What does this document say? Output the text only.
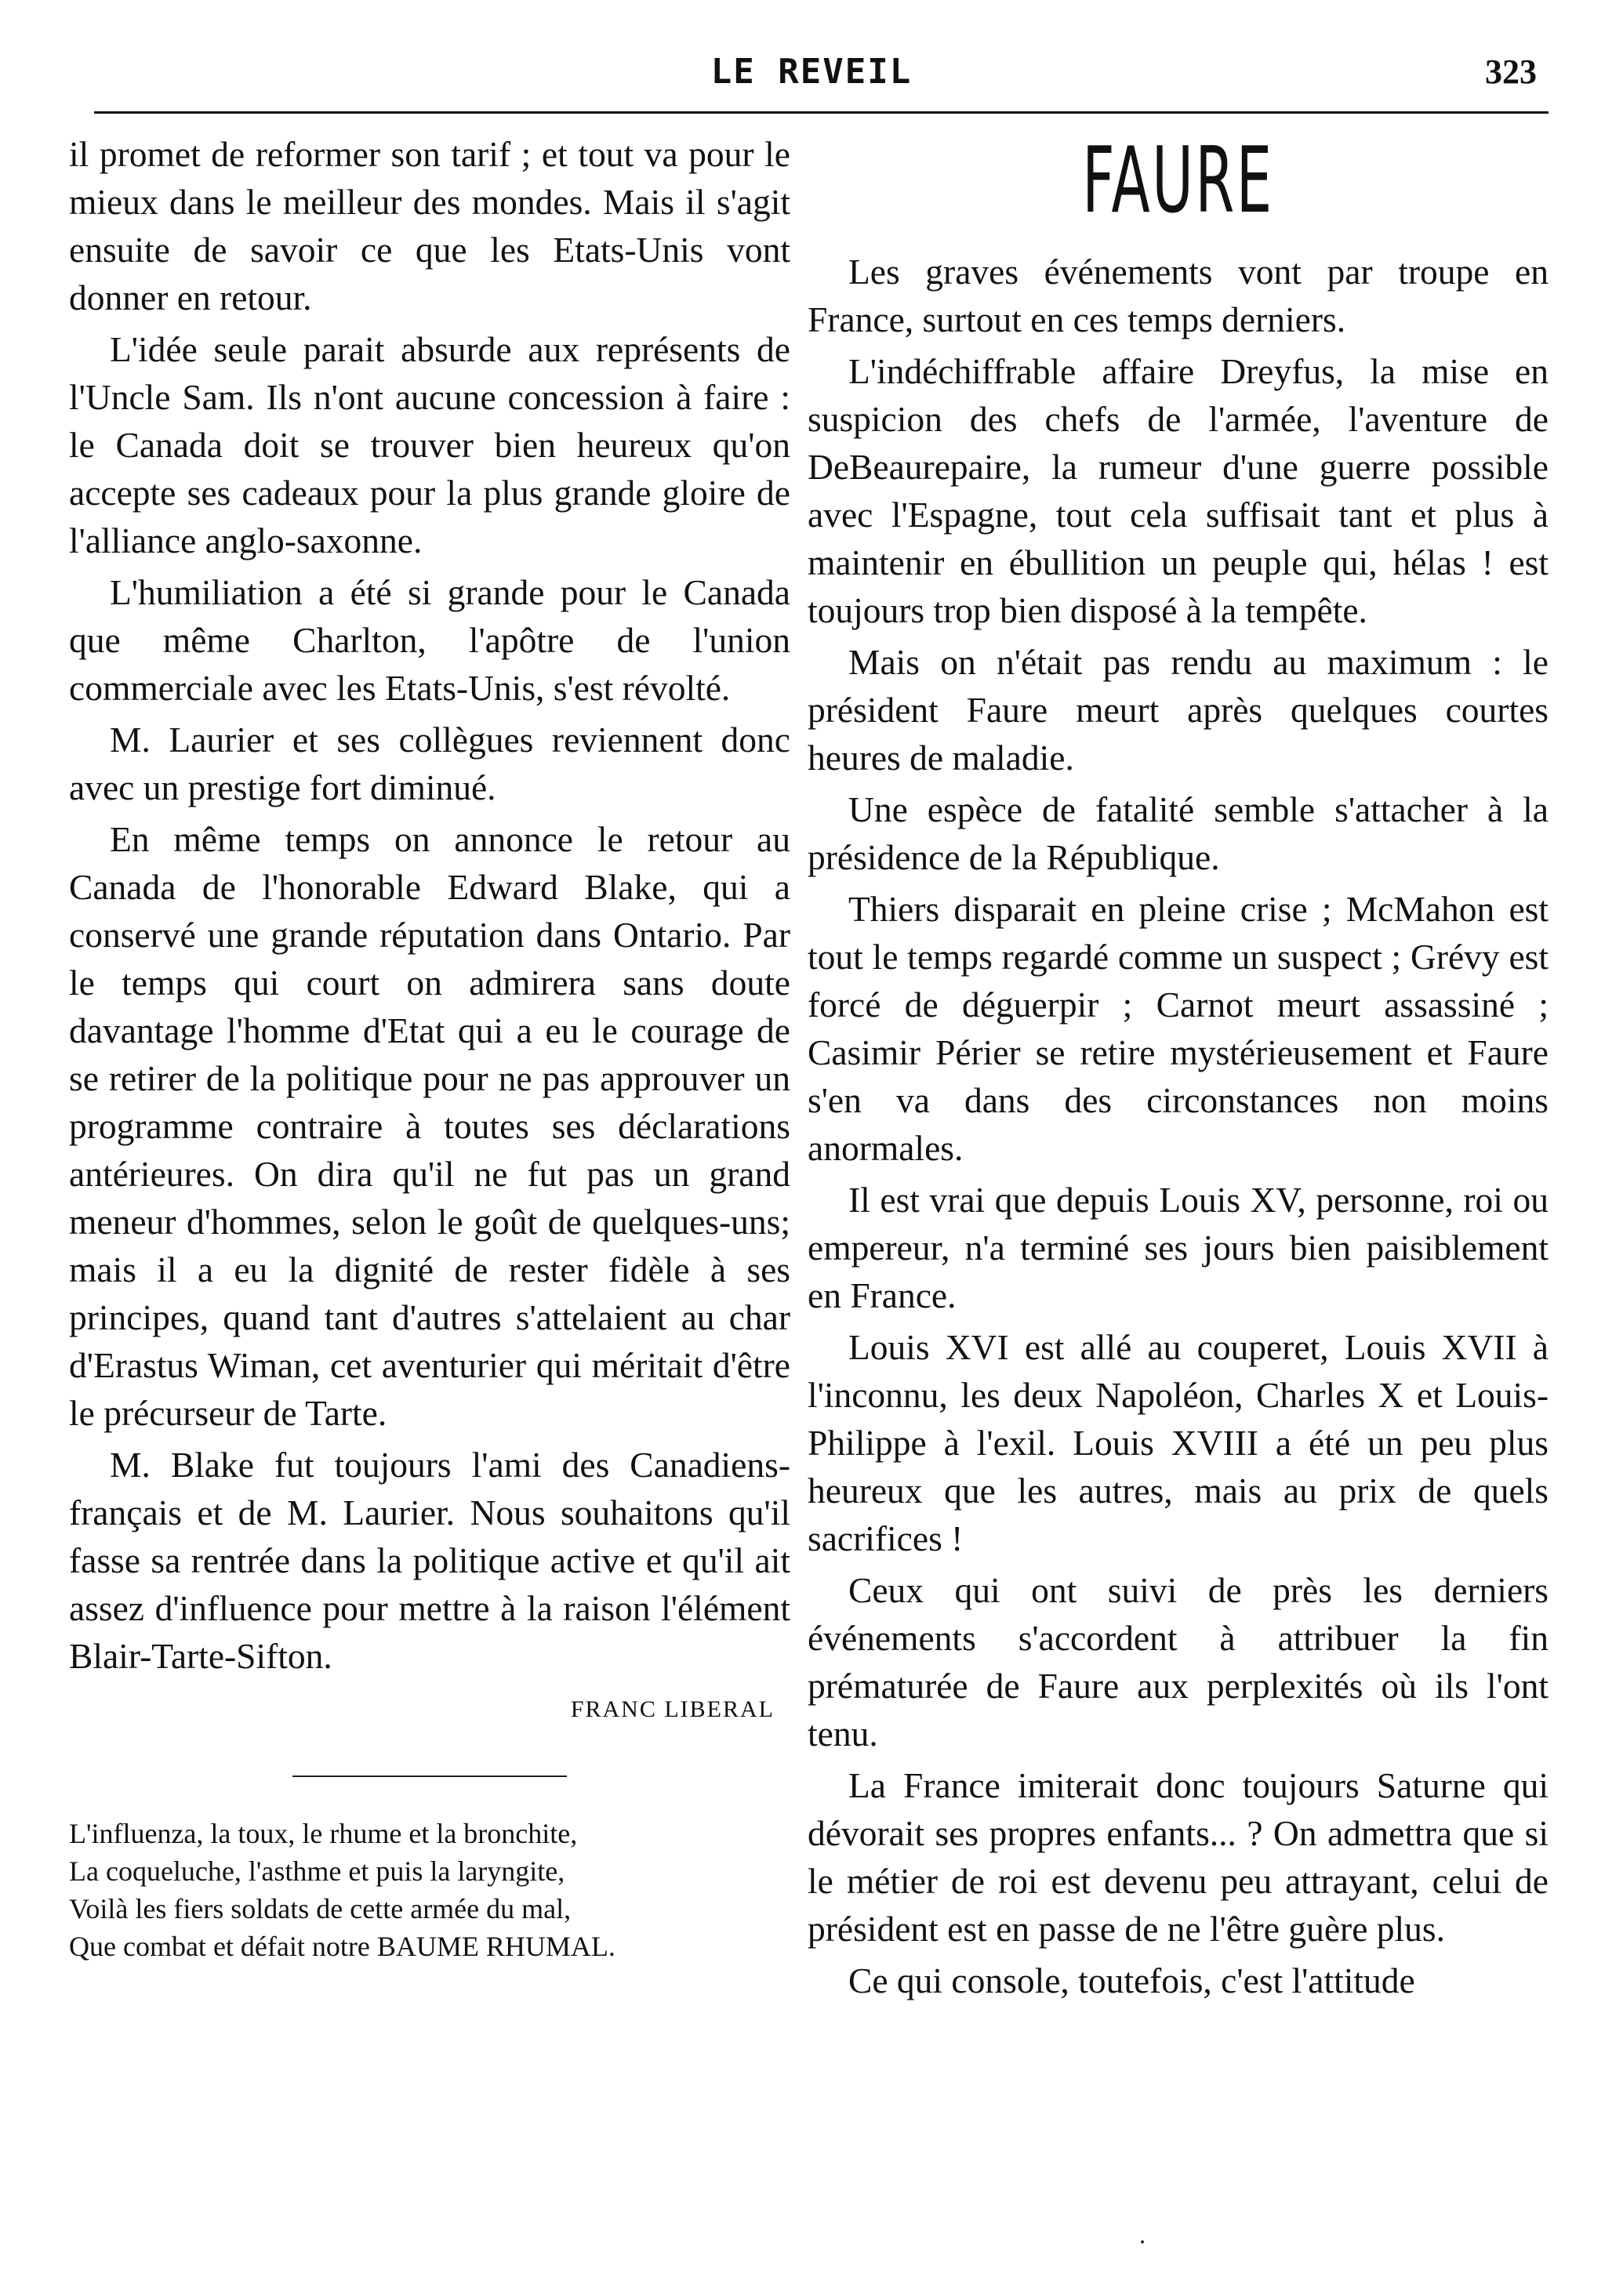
LE REVEIL	323

il promet de reformer son tarif ; et tout va pour le mieux dans le meilleur des mondes. Mais il s'agit ensuite de savoir ce que les Etats-Unis vont donner en retour.

L'idée seule parait absurde aux représents de l'Uncle Sam. Ils n'ont aucune concession à faire : le Canada doit se trouver bien heureux qu'on accepte ses cadeaux pour la plus grande gloire de l'alliance anglo-saxonne.

L'humiliation a été si grande pour le Canada que même Charlton, l'apôtre de l'union commerciale avec les Etats-Unis, s'est révolté.

M. Laurier et ses collègues reviennent donc avec un prestige fort diminué.

En même temps on annonce le retour au Canada de l'honorable Edward Blake, qui a conservé une grande réputation dans Ontario. Par le temps qui court on admirera sans doute davantage l'homme d'Etat qui a eu le courage de se retirer de la politique pour ne pas approuver un programme contraire à toutes ses déclarations antérieures. On dira qu'il ne fut pas un grand meneur d'hommes, selon le goût de quelques-uns; mais il a eu la dignité de rester fidèle à ses principes, quand tant d'autres s'attelaient au char d'Erastus Wiman, cet aventurier qui méritait d'être le précurseur de Tarte.

M. Blake fut toujours l'ami des Canadiens-français et de M. Laurier. Nous souhaitons qu'il fasse sa rentrée dans la politique active et qu'il ait assez d'influence pour mettre à la raison l'élément Blair-Tarte-Sifton.

FRANC LIBERAL
L'influenza, la toux, le rhume et la bronchite,
La coqueluche, l'asthme et puis la laryngite,
Voilà les fiers soldats de cette armée du mal,
Que combat et défait notre BAUME RHUMAL.
FAURE

Les graves événements vont par troupe en France, surtout en ces temps derniers.

L'indéchiffrable affaire Dreyfus, la mise en suspicion des chefs de l'armée, l'aventure de DeBeaurepaire, la rumeur d'une guerre possible avec l'Espagne, tout cela suffisait tant et plus à maintenir en ébullition un peuple qui, hélas ! est toujours trop bien disposé à la tempête.

Mais on n'était pas rendu au maximum : le président Faure meurt après quelques courtes heures de maladie.

Une espèce de fatalité semble s'attacher à la présidence de la République.

Thiers disparait en pleine crise ; McMahon est tout le temps regardé comme un suspect ; Grévy est forcé de déguerpir ; Carnot meurt assassiné ; Casimir Périer se retire mystérieusement et Faure s'en va dans des circonstances non moins anormales.

Il est vrai que depuis Louis XV, personne, roi ou empereur, n'a terminé ses jours bien paisiblement en France.

Louis XVI est allé au couperet, Louis XVII à l'inconnu, les deux Napoléon, Charles X et Louis-Philippe à l'exil. Louis XVIII a été un peu plus heureux que les autres, mais au prix de quels sacrifices !

Ceux qui ont suivi de près les derniers événements s'accordent à attribuer la fin prématurée de Faure aux perplexités où ils l'ont tenu.

La France imiterait donc toujours Saturne qui dévorait ses propres enfants... ? On admettra que si le métier de roi est devenu peu attrayant, celui de président est en passe de ne l'être guère plus.

Ce qui console, toutefois, c'est l'attitude
